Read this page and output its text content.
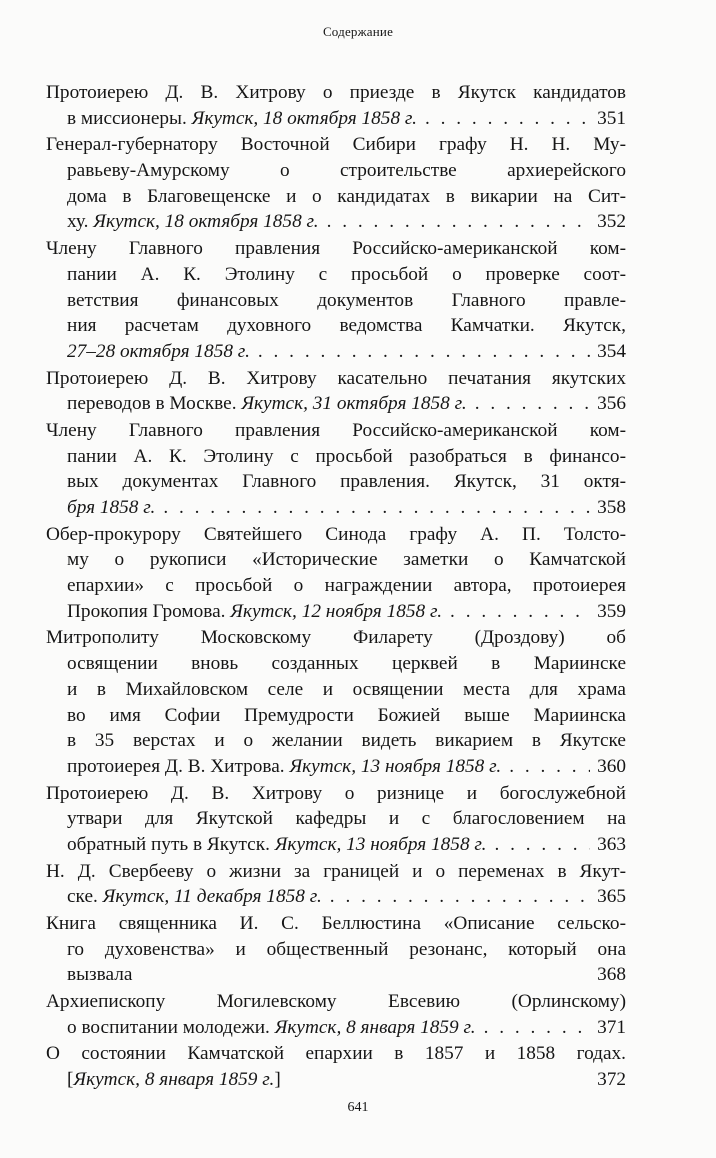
Содержание
Протоиерею Д. В. Хитрову о приезде в Якутск кандидатов
в миссионеры. Якутск, 18 октября 1858 г. . . .	351
Генерал-губернатору Восточной Сибири графу Н. Н. Му-
равьеву-Амурскому о строительстве архиерейского
дома в Благовещенске и о кандидатах в викарии на Сит-
ху. Якутск, 18 октября 1858 г. . . .	352
Члену Главного правления Российско-американской ком-
пании А. К. Этолину с просьбой о проверке соот-
ветствия финансовых документов Главного правле-
ния расчетам духовного ведомства Камчатки. Якутск,
27–28 октября 1858 г. . . .	354
Протоиерею Д. В. Хитрову касательно печатания якутских
переводов в Москве. Якутск, 31 октября 1858 г. . . .	356
Члену Главного правления Российско-американской ком-
пании А. К. Этолину с просьбой разобраться в финансо-
вых документах Главного правления. Якутск, 31 октя-
бря 1858 г. . . .	358
Обер-прокурору Святейшего Синода графу А. П. Толсто-
му о рукописи «Исторические заметки о Камчатской
епархии» с просьбой о награждении автора, протоиерея
Прокопия Громова. Якутск, 12 ноября 1858 г. . . .	359
Митрополиту Московскому Филарету (Дроздову) об
освящении вновь созданных церквей в Мариинске
и в Михайловском селе и освящении места для храма
во имя Софии Премудрости Божией выше Мариинска
в 35 верстах и о желании видеть викарием в Якутске
протоиерея Д. В. Хитрова. Якутск, 13 ноября 1858 г. . . .	360
Протоиерею Д. В. Хитрову о ризнице и богослужебной
утвари для Якутской кафедры и с благословением на
обратный путь в Якутск. Якутск, 13 ноября 1858 г. . . .	363
Н. Д. Свербееву о жизни за границей и о переменах в Якут-
ске. Якутск, 11 декабря 1858 г. . . .	365
Книга священника И. С. Беллюстина «Описание сельско-
го духовенства» и общественный резонанс, который она
вызвала	368
Архиепископу Могилевскому Евсевию (Орлинскому)
о воспитании молодежи. Якутск, 8 января 1859 г. . . .	371
О состоянии Камчатской епархии в 1857 и 1858 годах.
[Якутск, 8 января 1859 г.]	372
641
